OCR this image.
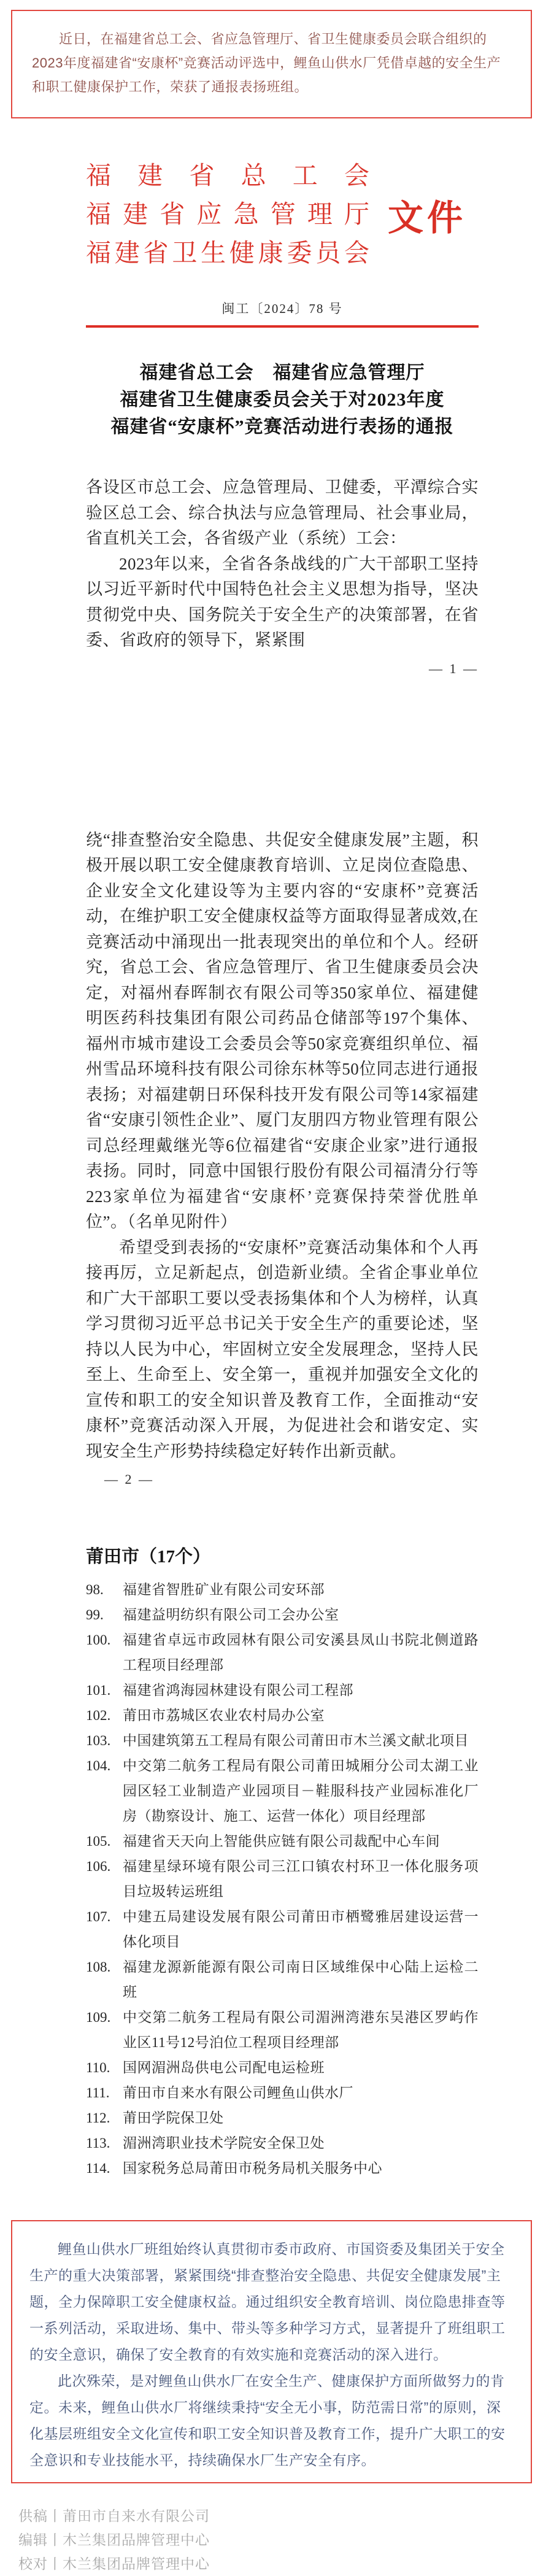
近日，在福建省总工会、省应急管理厅、省卫生健康委员会联合组织的2023年度福建省“安康杯”竞赛活动评选中，鲤鱼山供水厂凭借卓越的安全生产和职工健康保护工作，荣获了通报表扬班组。
福建省总工会
福建省应急管理厅
福建省卫生健康委员会
文件
闽工〔2024〕78 号
福建省总工会　福建省应急管理厅
福建省卫生健康委员会关于对2023年度
福建省“安康杯”竞赛活动进行表扬的通报
各设区市总工会、应急管理局、卫健委，平潭综合实验区总工会、综合执法与应急管理局、社会事业局，省直机关工会，各省级产业（系统）工会：
2023年以来，全省各条战线的广大干部职工坚持以习近平新时代中国特色社会主义思想为指导，坚决贯彻党中央、国务院关于安全生产的决策部署，在省委、省政府的领导下，紧紧围
— 1 —
绕“排查整治安全隐患、共促安全健康发展”主题，积极开展以职工安全健康教育培训、立足岗位查隐患、企业安全文化建设等为主要内容的“安康杯”竞赛活动，在维护职工安全健康权益等方面取得显著成效,在竞赛活动中涌现出一批表现突出的单位和个人。经研究，省总工会、省应急管理厅、省卫生健康委员会决定，对福州春晖制衣有限公司等350家单位、福建健明医药科技集团有限公司药品仓储部等197个集体、福州市城市建设工会委员会等50家竞赛组织单位、福州雪品环境科技有限公司徐东林等50位同志进行通报表扬；对福建朝日环保科技开发有限公司等14家福建省“安康引领性企业”、厦门友朋四方物业管理有限公司总经理戴继光等6位福建省“安康企业家”进行通报表扬。同时，同意中国银行股份有限公司福清分行等223家单位为福建省“安康杯’竞赛保持荣誉优胜单位”。（名单见附件）
希望受到表扬的“安康杯”竞赛活动集体和个人再接再厉，立足新起点，创造新业绩。全省企事业单位和广大干部职工要以受表扬集体和个人为榜样，认真学习贯彻习近平总书记关于安全生产的重要论述，坚持以人民为中心，牢固树立安全发展理念，坚持人民至上、生命至上、安全第一，重视并加强安全文化的宣传和职工的安全知识普及教育工作，全面推动“安康杯”竞赛活动深入开展，为促进社会和谐安定、实现安全生产形势持续稳定好转作出新贡献。
— 2 —
莆田市（17个）
98.	福建省智胜矿业有限公司安环部
99.	福建益明纺织有限公司工会办公室
100. 福建省卓远市政园林有限公司安溪县凤山书院北侧道路工程项目经理部
101. 福建省鸿海园林建设有限公司工程部
102. 莆田市荔城区农业农村局办公室
103. 中国建筑第五工程局有限公司莆田市木兰溪文献北项目
104. 中交第二航务工程局有限公司莆田城厢分公司太湖工业园区轻工业制造产业园项目－鞋服科技产业园标准化厂房（勘察设计、施工、运营一体化）项目经理部
105. 福建省天天向上智能供应链有限公司裁配中心车间
106. 福建星绿环境有限公司三江口镇农村环卫一体化服务项目垃圾转运班组
107. 中建五局建设发展有限公司莆田市栖鹭雅居建设运营一体化项目
108. 福建龙源新能源有限公司南日区域维保中心陆上运检二班
109. 中交第二航务工程局有限公司湄洲湾港东吴港区罗屿作业区11号12号泊位工程项目经理部
110. 国网湄洲岛供电公司配电运检班
111. 莆田市自来水有限公司鲤鱼山供水厂
112. 莆田学院保卫处
113. 湄洲湾职业技术学院安全保卫处
114. 国家税务总局莆田市税务局机关服务中心

鲤鱼山供水厂班组始终认真贯彻市委市政府、市国资委及集团关于安全生产的重大决策部署，紧紧围绕“排查整治安全隐患、共促安全健康发展”主题，全力保障职工安全健康权益。通过组织安全教育培训、岗位隐患排查等一系列活动，采取进场、集中、带头等多种学习方式，显著提升了班组职工的安全意识，确保了安全教育的有效实施和竞赛活动的深入进行。

此次殊荣，是对鲤鱼山供水厂在安全生产、健康保护方面所做努力的肯定。未来，鲤鱼山供水厂将继续秉持“安全无小事，防范需日常”的原则，深化基层班组安全文化宣传和职工安全知识普及教育工作，提升广大职工的安全意识和专业技能水平，持续确保水厂生产安全有序。

供稿丨莆田市自来水有限公司
编辑丨木兰集团品牌管理中心
校对丨木兰集团品牌管理中心
